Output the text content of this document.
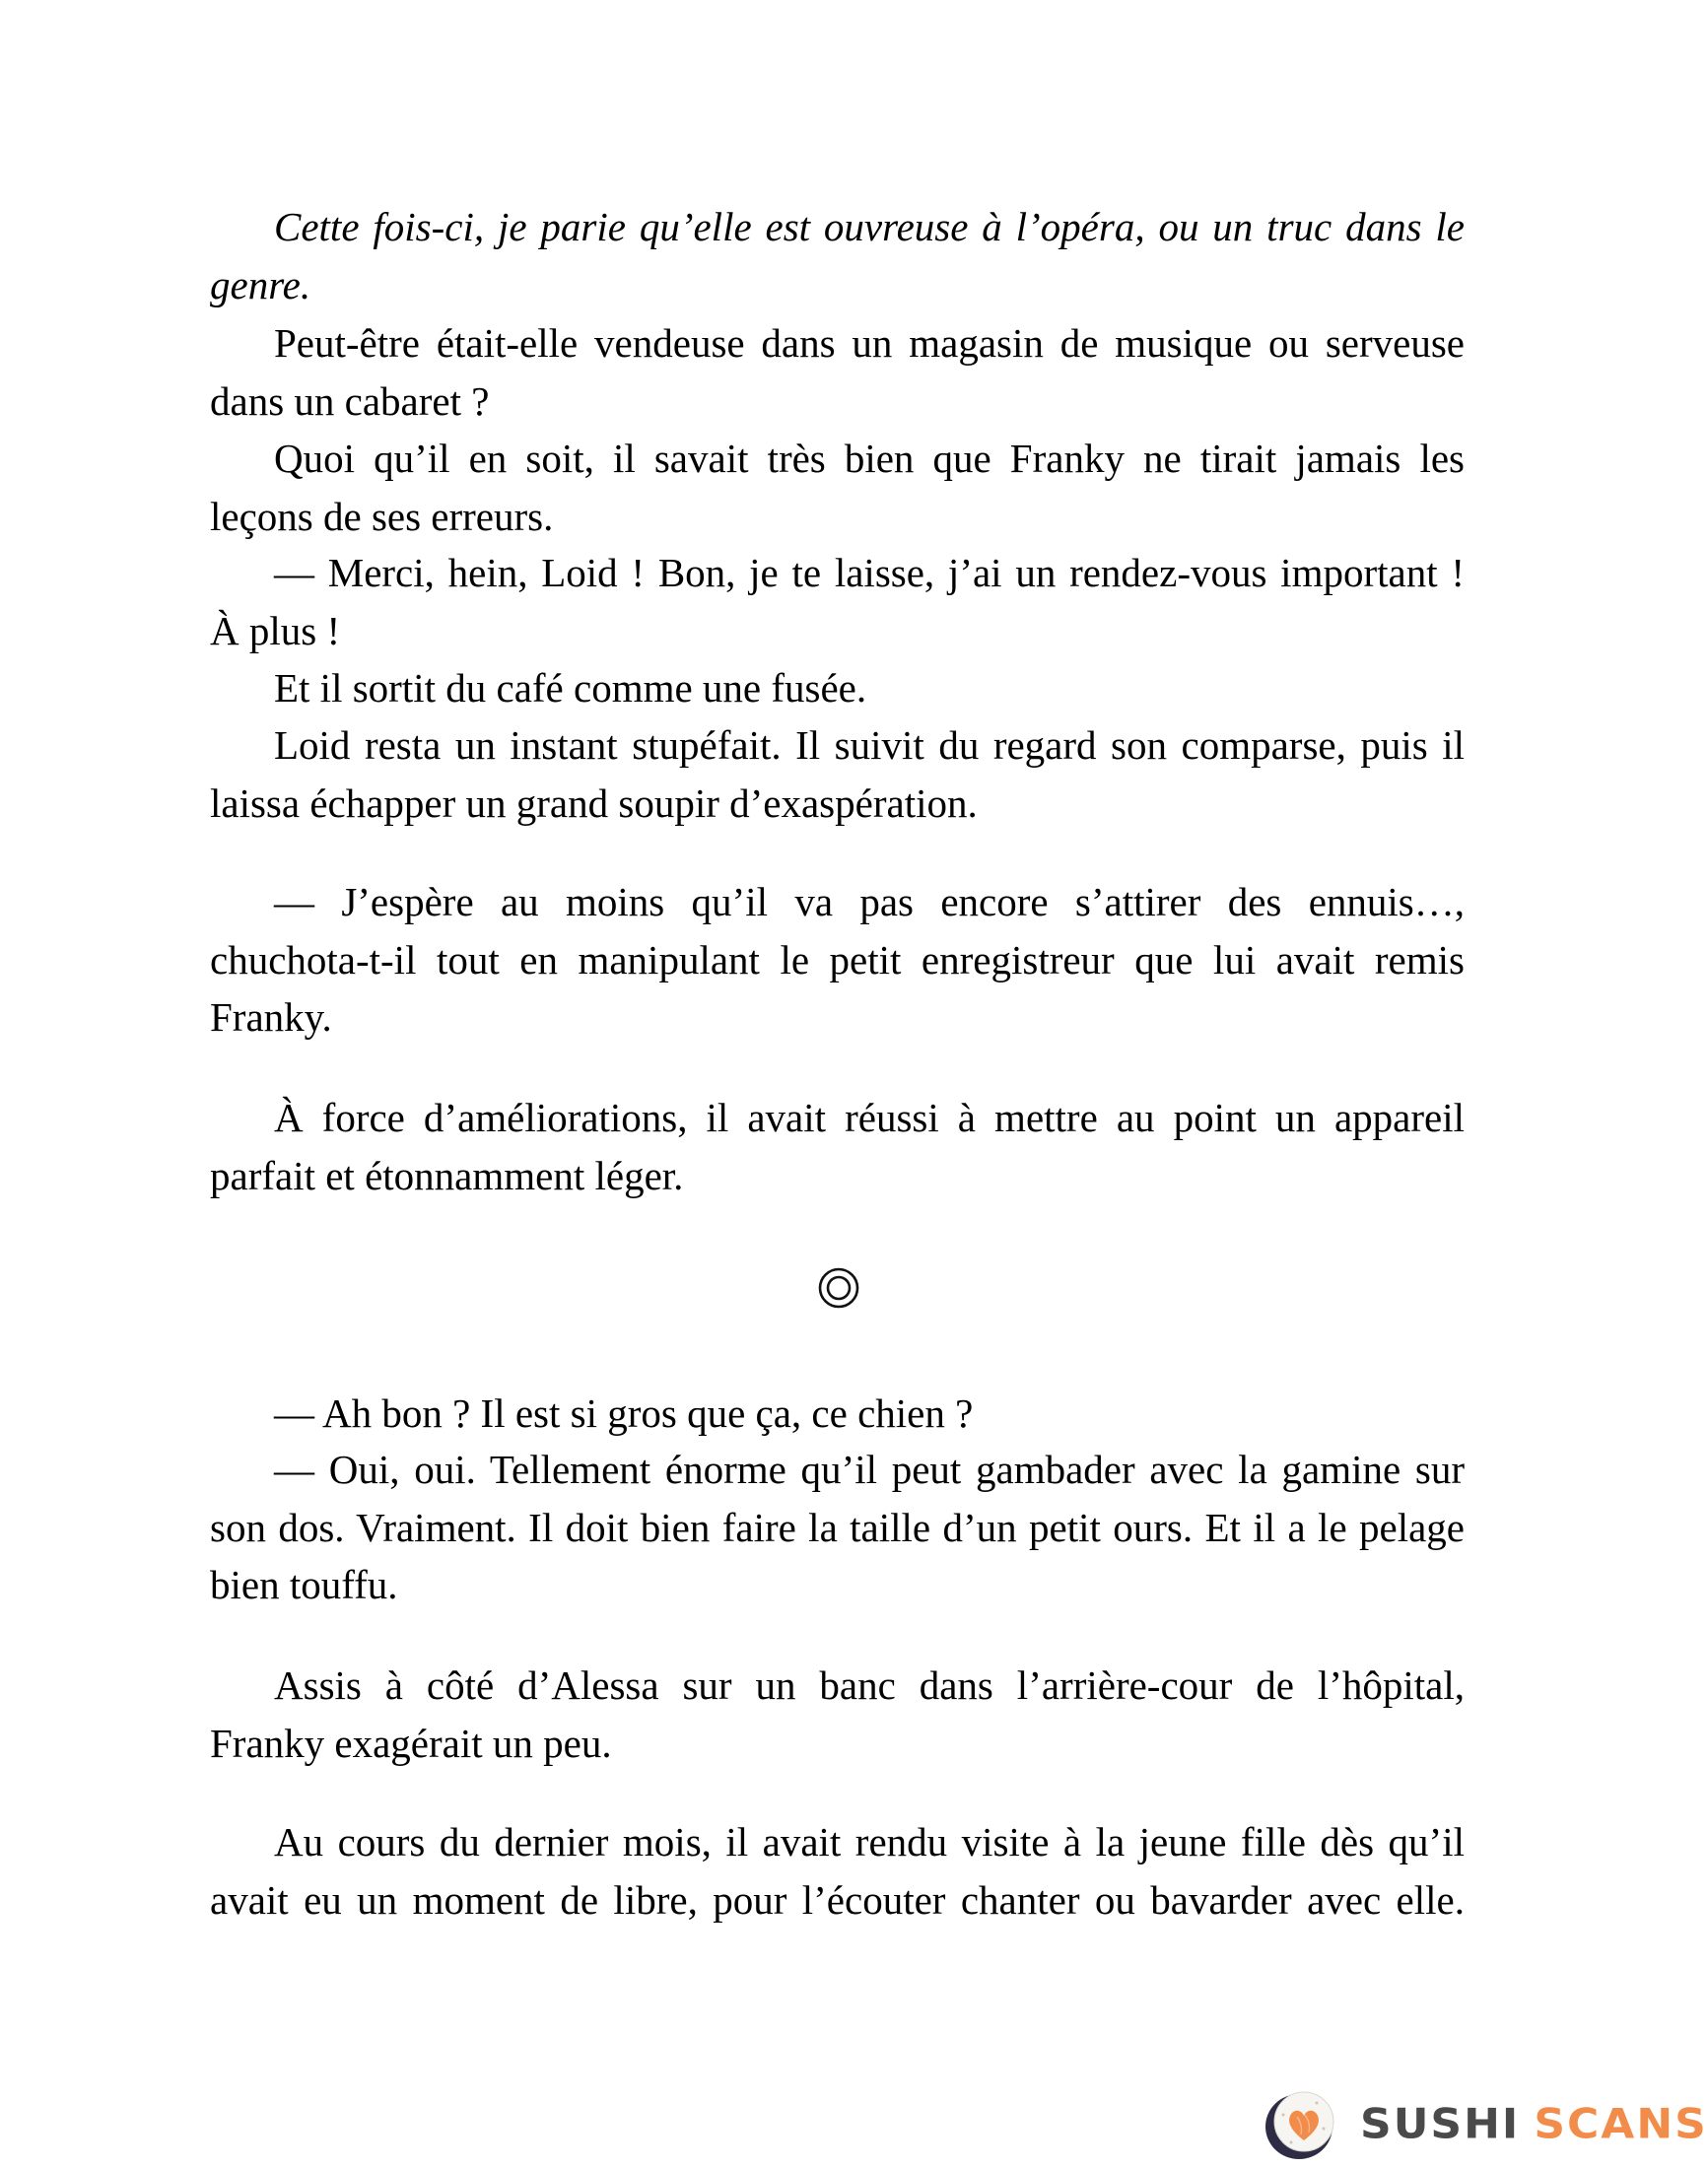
Cette fois-ci, je parie qu’elle est ouvreuse à l’opéra, ou un truc dans le
genre.
Peut-être était-elle vendeuse dans un magasin de musique ou serveuse
dans un cabaret ?
Quoi qu’il en soit, il savait très bien que Franky ne tirait jamais les
leçons de ses erreurs.
— Merci, hein, Loid ! Bon, je te laisse, j’ai un rendez-vous important !
À plus !
Et il sortit du café comme une fusée.
Loid resta un instant stupéfait. Il suivit du regard son comparse, puis il
laissa échapper un grand soupir d’exaspération.
— J’espère au moins qu’il va pas encore s’attirer des ennuis…,
chuchota-t-il tout en manipulant le petit enregistreur que lui avait remis
Franky.
À force d’améliorations, il avait réussi à mettre au point un appareil
parfait et étonnamment léger.
— Ah bon ? Il est si gros que ça, ce chien ?
— Oui, oui. Tellement énorme qu’il peut gambader avec la gamine sur
son dos. Vraiment. Il doit bien faire la taille d’un petit ours. Et il a le pelage
bien touffu.
Assis à côté d’Alessa sur un banc dans l’arrière-cour de l’hôpital,
Franky exagérait un peu.
Au cours du dernier mois, il avait rendu visite à la jeune fille dès qu’il
avait eu un moment de libre, pour l’écouter chanter ou bavarder avec elle.
SUSHI SCANS
